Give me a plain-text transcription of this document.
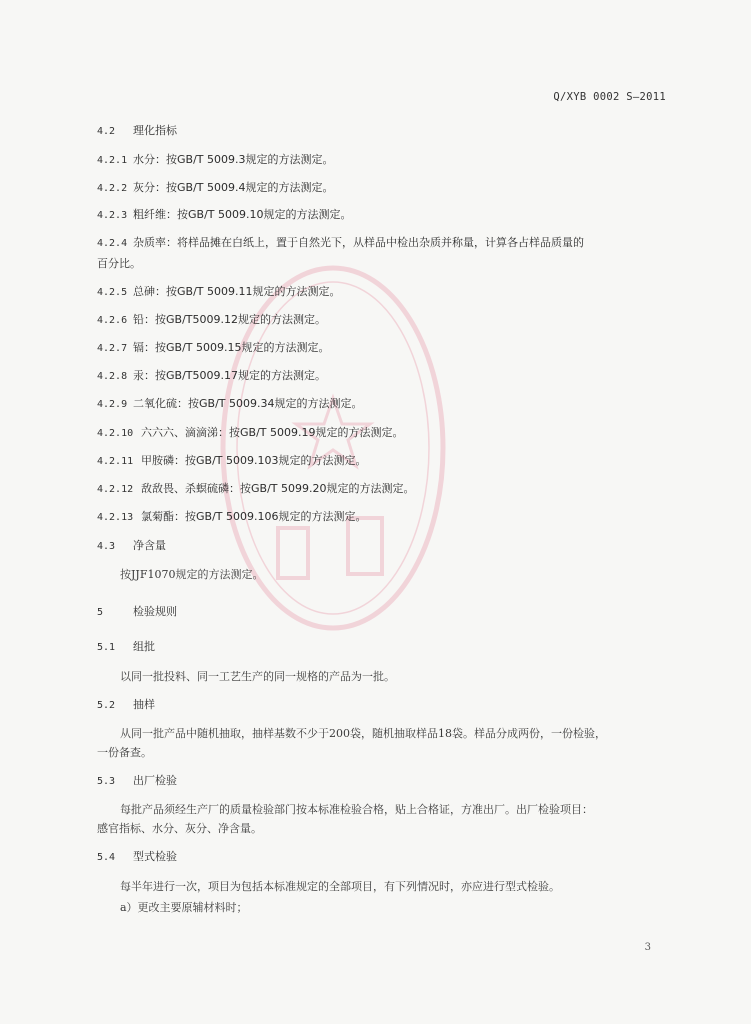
Q/XYB 0002 S—2011
4.2 理化指标
4.2.1 水分：按GB/T 5009.3规定的方法测定。
4.2.2 灰分：按GB/T 5009.4规定的方法测定。
4.2.3 粗纤维：按GB/T 5009.10规定的方法测定。
4.2.4 杂质率：将样品摊在白纸上，置于自然光下，从样品中检出杂质并称量，计算各占样品质量的
百分比。
4.2.5 总砷：按GB/T 5009.11规定的方法测定。
4.2.6 铅：按GB/T5009.12规定的方法测定。
4.2.7 镉：按GB/T 5009.15规定的方法测定。
4.2.8 汞：按GB/T5009.17规定的方法测定。
4.2.9 二氧化硫：按GB/T 5009.34规定的方法测定。
4.2.10 六六六、滴滴涕：按GB/T 5009.19规定的方法测定。
4.2.11 甲胺磷：按GB/T 5009.103规定的方法测定。
4.2.12 敌敌畏、杀螟硫磷：按GB/T 5099.20规定的方法测定。
4.2.13 氯菊酯：按GB/T 5009.106规定的方法测定。
4.3 净含量
按JJF1070规定的方法测定。
5	检验规则
5.1 组批
以同一批投料、同一工艺生产的同一规格的产品为一批。
5.2 抽样
从同一批产品中随机抽取，抽样基数不少于200袋，随机抽取样品18袋。样品分成两份，一份检验，
一份备查。
5.3 出厂检验
每批产品须经生产厂的质量检验部门按本标准检验合格，贴上合格证，方准出厂。出厂检验项目：
感官指标、水分、灰分、净含量。
5.4 型式检验
每半年进行一次，项目为包括本标准规定的全部项目，有下列情况时，亦应进行型式检验。
a）更改主要原辅材料时；
3
